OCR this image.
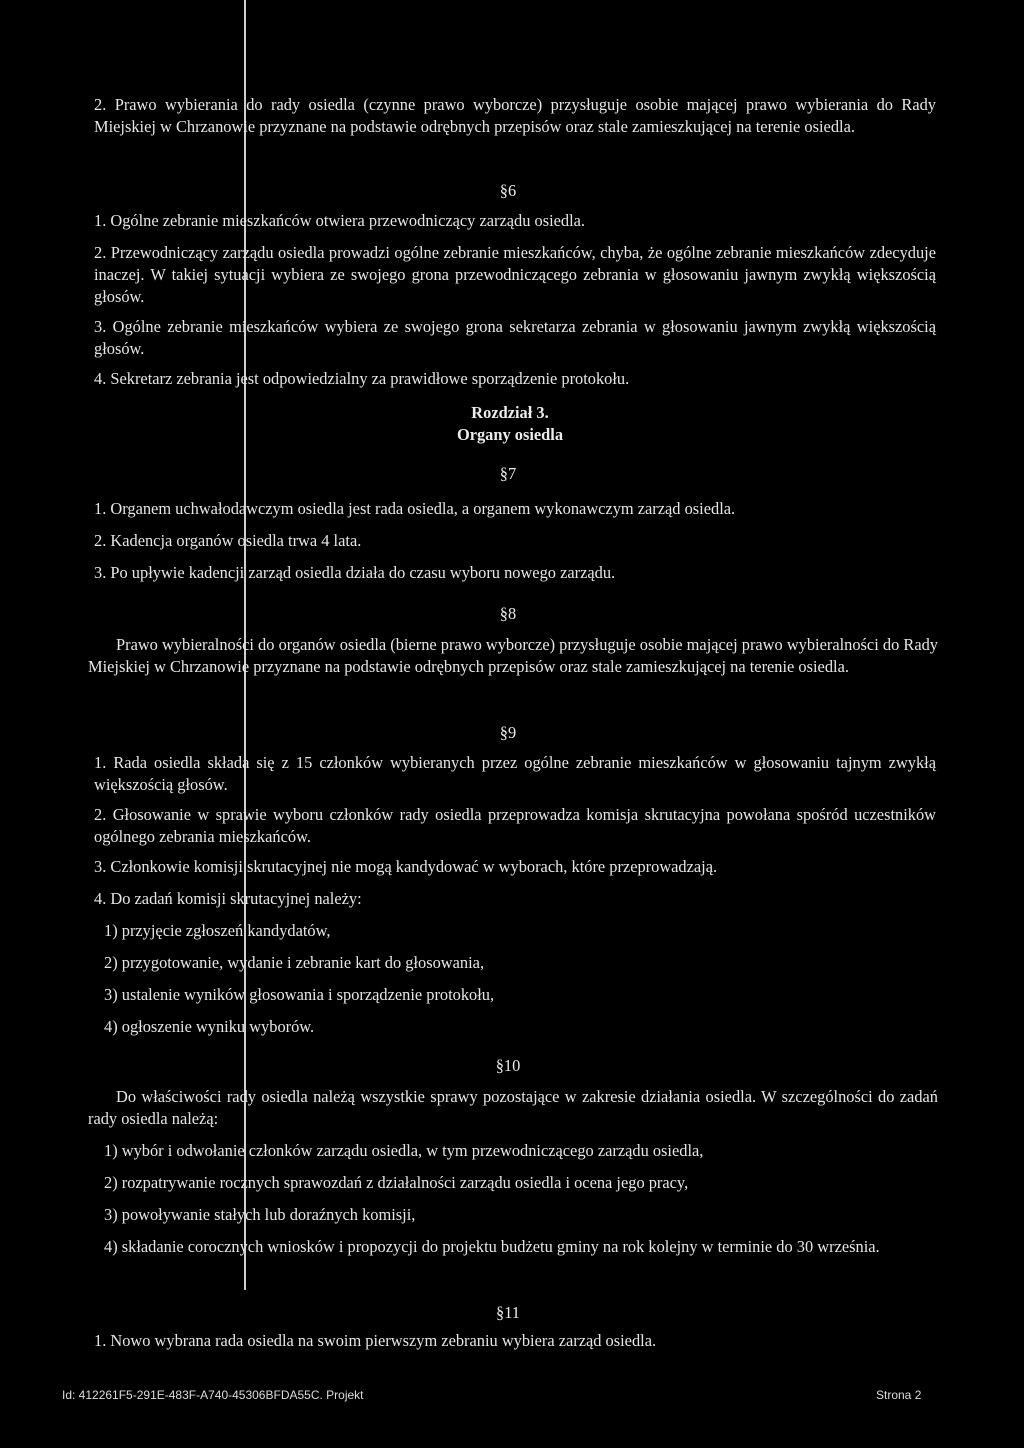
2. Prawo wybierania do rady osiedla (czynne prawo wyborcze) przysługuje osobie mającej prawo wybierania do Rady Miejskiej w Chrzanowie przyznane na podstawie odrębnych przepisów oraz stale zamieszkującej na terenie osiedla.

§6

1. Ogólne zebranie mieszkańców otwiera przewodniczący zarządu osiedla.

2. Przewodniczący zarządu osiedla prowadzi ogólne zebranie mieszkańców, chyba, że ogólne zebranie mieszkańców zdecyduje inaczej. W takiej sytuacji wybiera ze swojego grona przewodniczącego zebrania w głosowaniu jawnym zwykłą większością głosów.

3. Ogólne zebranie mieszkańców wybiera ze swojego grona sekretarza zebrania w głosowaniu jawnym zwykłą większością głosów.

4. Sekretarz zebrania jest odpowiedzialny za prawidłowe sporządzenie protokołu.

Rozdział 3.
Organy osiedla
§7

1. Organem uchwałodawczym osiedla jest rada osiedla, a organem wykonawczym zarząd osiedla.

2. Kadencja organów osiedla trwa 4 lata.

3. Po upływie kadencji zarząd osiedla działa do czasu wyboru nowego zarządu.

§8

Prawo wybieralności do organów osiedla (bierne prawo wyborcze) przysługuje osobie mającej prawo wybieralności do Rady Miejskiej w Chrzanowie przyznane na podstawie odrębnych przepisów oraz stale zamieszkującej na terenie osiedla.

§9

1. Rada osiedla składa się z 15 członków wybieranych przez ogólne zebranie mieszkańców w głosowaniu tajnym zwykłą większością głosów.

2. Głosowanie w sprawie wyboru członków rady osiedla przeprowadza komisja skrutacyjna powołana spośród uczestników ogólnego zebrania mieszkańców.

3. Członkowie komisji skrutacyjnej nie mogą kandydować w wyborach, które przeprowadzają.

4. Do zadań komisji skrutacyjnej należy:

1) przyjęcie zgłoszeń kandydatów,

2) przygotowanie, wydanie i zebranie kart do głosowania,

3) ustalenie wyników głosowania i sporządzenie protokołu,

4) ogłoszenie wyniku wyborów.

§10

Do właściwości rady osiedla należą wszystkie sprawy pozostające w zakresie działania osiedla. W szczególności do zadań rady osiedla należą:

1) wybór i odwołanie członków zarządu osiedla, w tym przewodniczącego zarządu osiedla,

2) rozpatrywanie rocznych sprawozdań z działalności zarządu osiedla i ocena jego pracy,

3) powoływanie stałych lub doraźnych komisji,

4) składanie corocznych wniosków i propozycji do projektu budżetu gminy na rok kolejny w terminie do 30 września.

§11

1. Nowo wybrana rada osiedla na swoim pierwszym zebraniu wybiera zarząd osiedla.

Id: 412261F5-291E-483F-A740-45306BFDA55C. Projekt	Strona 2
